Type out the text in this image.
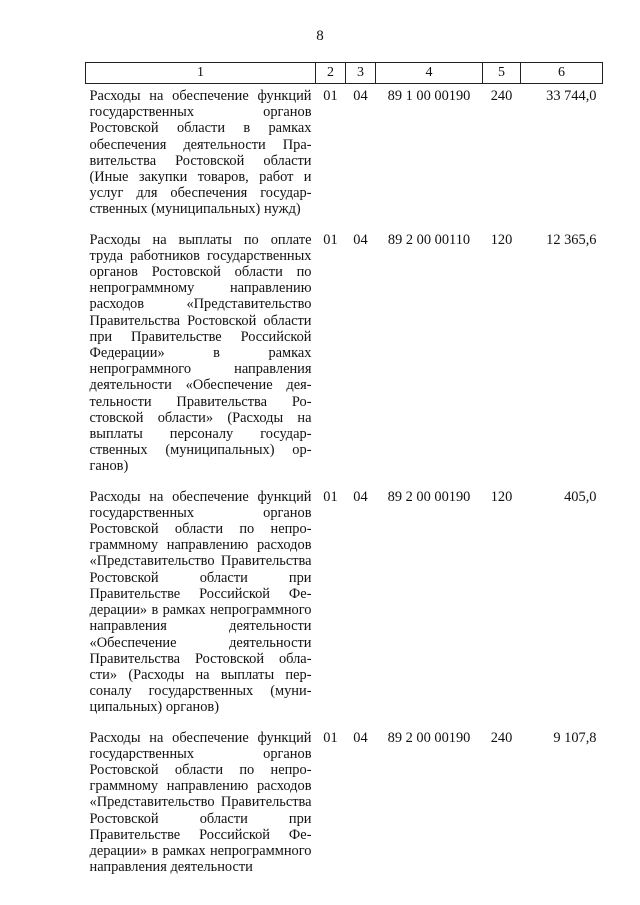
8
1	2	3	4	5	6
Расходы на обеспечение функций государственных органов Ростовской области в рамках обеспечения деятельности Правительства Ростовской области (Иные закупки товаров, работ и услуг для обеспечения государственных (муниципальных) нужд)	01	04	89 1 00 00190	240	33 744,0
Расходы на выплаты по оплате труда работников государственных органов Ростовской области по непрограммному направлению расходов «Представительство Правительства Ростовской области при Правительстве Российской Федерации» в рамках непрограммного направления деятельности «Обеспечение деятельности Правительства Ростовской области» (Расходы на выплаты персоналу государственных (муниципальных) органов)	01	04	89 2 00 00110	120	12 365,6
Расходы на обеспечение функций государственных органов Ростовской области по непрограммному направлению расходов «Представительство Правительства Ростовской области при Правительстве Российской Федерации» в рамках непрограммного направления деятельности «Обеспечение деятельности Правительства Ростовской области» (Расходы на выплаты персоналу государственных (муниципальных) органов)	01	04	89 2 00 00190	120	405,0
Расходы на обеспечение функций государственных органов Ростовской области по непрограммному направлению расходов «Представительство Правительства Ростовской области при Правительстве Российской Федерации» в рамках непрограммного направления деятельности	01	04	89 2 00 00190	240	9 107,8
